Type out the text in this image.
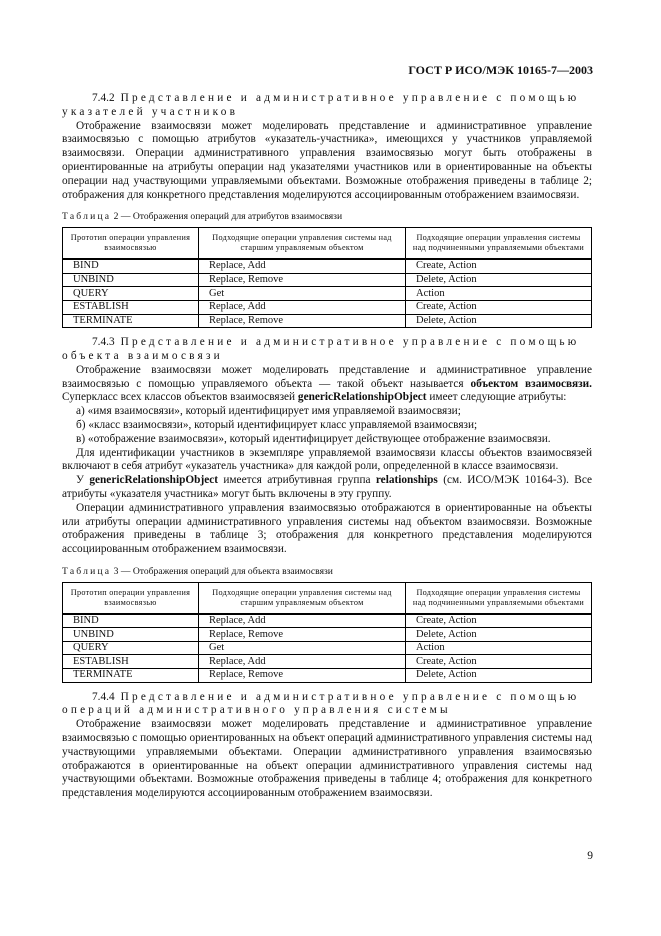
ГОСТ Р ИСО/МЭК 10165-7—2003

7.4.2 Представление и административное управление с помощью

указателей участников

Отображение взаимосвязи может моделировать представление и административное управление взаимосвязью с помощью атрибутов «указатель-участника», имеющихся у участников управляемой взаимосвязи. Операции административного управления взаимосвязью могут быть отображены в ориентированные на атрибуты операции над указателями участников или в ориентированные на объекты операции над участвующими управляемыми объектами. Возможные отображения приведены в таблице 2; отображения для конкретного представления моделируются ассоциированным отображением взаимосвязи.

Таблица 2 — Отображения операций для атрибутов взаимосвязи
Прототип операции управления взаимосвязью	Подходящие операции управления системы над старшим управляемым объектом	Подходящие операции управления системы над подчиненными управляемыми объектами
BIND	Replace, Add	Create, Action
UNBIND	Replace, Remove	Delete, Action
QUERY	Get	Action
ESTABLISH	Replace, Add	Create, Action
TERMINATE	Replace, Remove	Delete, Action

7.4.3 Представление и административное управление с помощью

объекта взаимосвязи

Отображение взаимосвязи может моделировать представление и административное управление взаимосвязью с помощью управляемого объекта — такой объект называется объектом взаимосвязи. Суперкласс всех классов объектов взаимосвязей genericRelationshipObject имеет следующие атрибуты:

а) «имя взаимосвязи», который идентифицирует имя управляемой взаимосвязи;

б) «класс взаимосвязи», который идентифицирует класс управляемой взаимосвязи;

в) «отображение взаимосвязи», который идентифицирует действующее отображение взаимосвязи.

Для идентификации участников в экземпляре управляемой взаимосвязи классы объектов взаимосвязей включают в себя атрибут «указатель участника» для каждой роли, определенной в классе взаимосвязи.

У genericRelationshipObject имеется атрибутивная группа relationships (см. ИСО/МЭК 10164-3). Все атрибуты «указателя участника» могут быть включены в эту группу.

Операции административного управления взаимосвязью отображаются в ориентированные на объекты или атрибуты операции административного управления системы над объектом взаимосвязи. Возможные отображения приведены в таблице 3; отображения для конкретного представления моделируются ассоциированным отображением взаимосвязи.

Таблица 3 — Отображения операций для объекта взаимосвязи
Прототип операции управления взаимосвязью	Подходящие операции управления системы над старшим управляемым объектом	Подходящие операции управления системы над подчиненными управляемыми объектами
BIND	Replace, Add	Create, Action
UNBIND	Replace, Remove	Delete, Action
QUERY	Get	Action
ESTABLISH	Replace, Add	Create, Action
TERMINATE	Replace, Remove	Delete, Action

7.4.4 Представление и административное управление с помощью

операций административного управления системы

Отображение взаимосвязи может моделировать представление и административное управление взаимосвязью с помощью ориентированных на объект операций административного управления системы над участвующими управляемыми объектами. Операции административного управления взаимосвязью отображаются в ориентированные на объект операции административного управления системы над участвующими объектами. Возможные отображения приведены в таблице 4; отображения для конкретного представления моделируются ассоциированным отображением взаимосвязи.

9
